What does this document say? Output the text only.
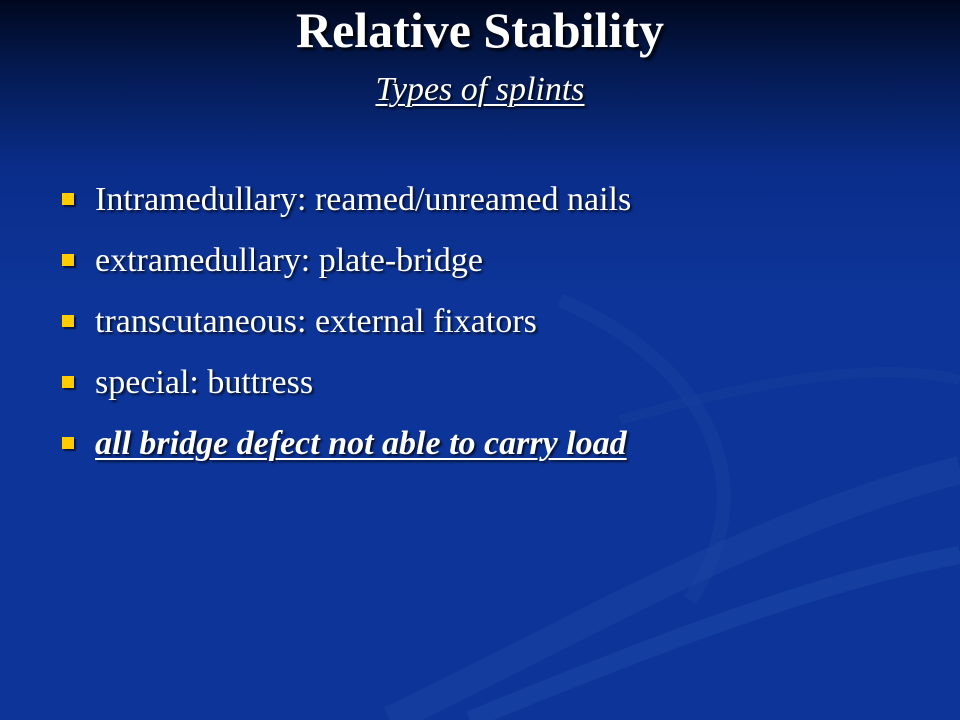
Relative Stability
Types of splints
Intramedullary: reamed/unreamed nails
extramedullary: plate-bridge
transcutaneous: external fixators
special: buttress
all bridge defect not able to carry load
